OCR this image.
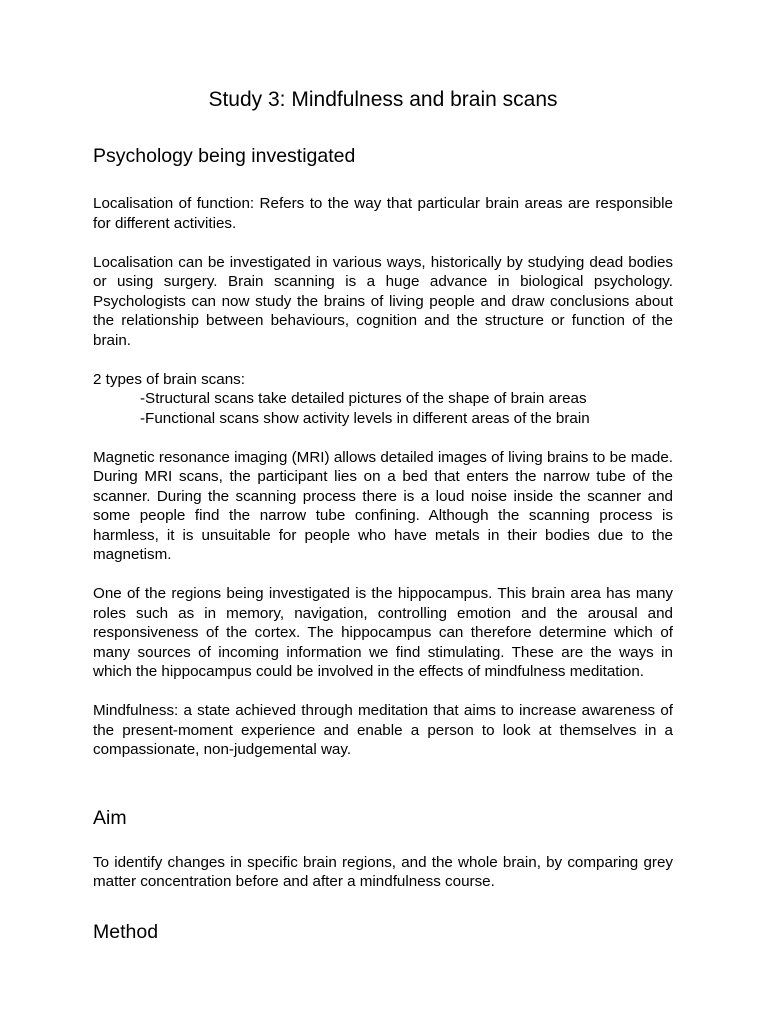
Study 3: Mindfulness and brain scans
Psychology being investigated

Localisation of function: Refers to the way that particular brain areas are responsible for different activities.

Localisation can be investigated in various ways, historically by studying dead bodies or using surgery. Brain scanning is a huge advance in biological psychology. Psychologists can now study the brains of living people and draw conclusions about the relationship between behaviours, cognition and the structure or function of the brain.

2 types of brain scans:

-Structural scans take detailed pictures of the shape of brain areas

-Functional scans show activity levels in different areas of the brain

Magnetic resonance imaging (MRI) allows detailed images of living brains to be made. During MRI scans, the participant lies on a bed that enters the narrow tube of the scanner. During the scanning process there is a loud noise inside the scanner and some people find the narrow tube confining. Although the scanning process is harmless, it is unsuitable for people who have metals in their bodies due to the magnetism.

One of the regions being investigated is the hippocampus. This brain area has many roles such as in memory, navigation, controlling emotion and the arousal and responsiveness of the cortex. The hippocampus can therefore determine which of many sources of incoming information we find stimulating. These are the ways in which the hippocampus could be involved in the effects of mindfulness meditation.

Mindfulness: a state achieved through meditation that aims to increase awareness of the present-moment experience and enable a person to look at themselves in a compassionate, non-judgemental way.

Aim

To identify changes in specific brain regions, and the whole brain, by comparing grey matter concentration before and after a mindfulness course.

Method
